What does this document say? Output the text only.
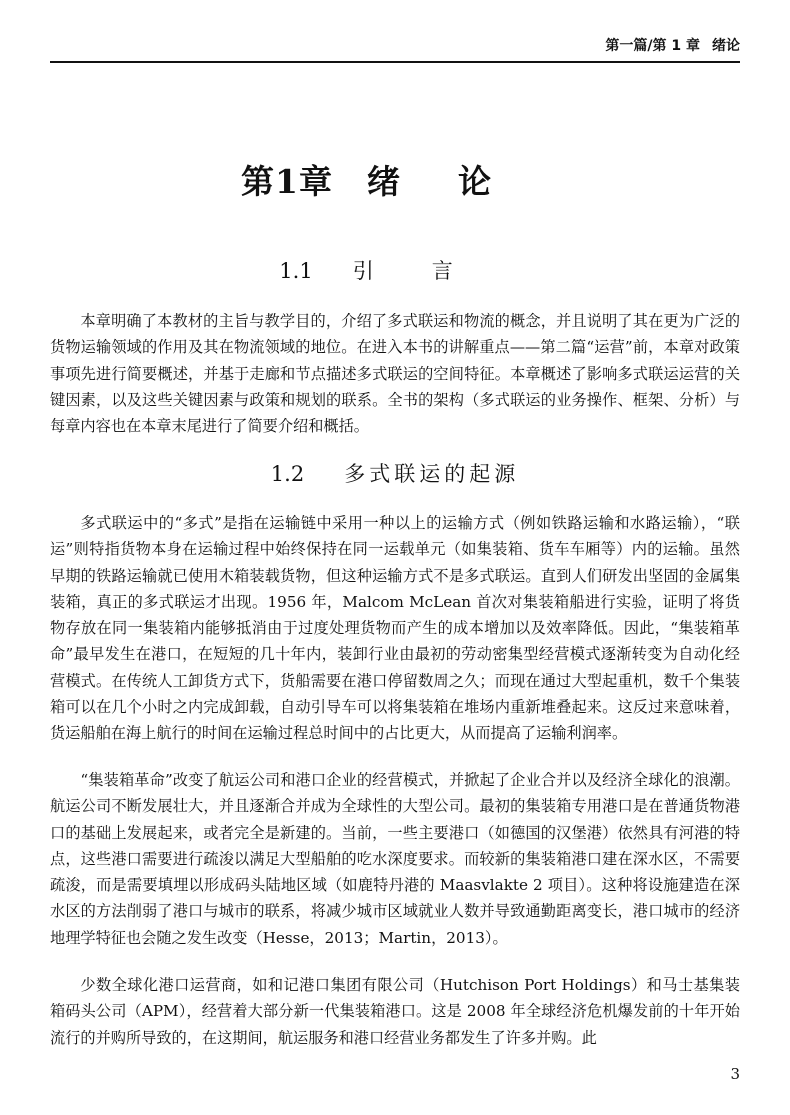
第一篇/第 1 章 绪论
第1章 绪论
1.1 引言

本章明确了本教材的主旨与教学目的，介绍了多式联运和物流的概念，并且说明了其在更为广泛的货物运输领域的作用及其在物流领域的地位。在进入本书的讲解重点——第二篇“运营”前，本章对政策事项先进行简要概述，并基于走廊和节点描述多式联运的空间特征。本章概述了影响多式联运运营的关键因素，以及这些关键因素与政策和规划的联系。全书的架构（多式联运的业务操作、框架、分析）与每章内容也在本章末尾进行了简要介绍和概括。

1.2 多式联运的起源

多式联运中的“多式”是指在运输链中采用一种以上的运输方式（例如铁路运输和水路运输），“联运”则特指货物本身在运输过程中始终保持在同一运载单元（如集装箱、货车车厢等）内的运输。虽然早期的铁路运输就已使用木箱装载货物，但这种运输方式不是多式联运。直到人们研发出坚固的金属集装箱，真正的多式联运才出现。1956 年，Malcom McLean 首次对集装箱船进行实验，证明了将货物存放在同一集装箱内能够抵消由于过度处理货物而产生的成本增加以及效率降低。因此，“集装箱革命”最早发生在港口，在短短的几十年内，装卸行业由最初的劳动密集型经营模式逐渐转变为自动化经营模式。在传统人工卸货方式下，货船需要在港口停留数周之久；而现在通过大型起重机，数千个集装箱可以在几个小时之内完成卸载，自动引导车可以将集装箱在堆场内重新堆叠起来。这反过来意味着，货运船舶在海上航行的时间在运输过程总时间中的占比更大，从而提高了运输利润率。

“集装箱革命”改变了航运公司和港口企业的经营模式，并掀起了企业合并以及经济全球化的浪潮。航运公司不断发展壮大，并且逐渐合并成为全球性的大型公司。最初的集装箱专用港口是在普通货物港口的基础上发展起来，或者完全是新建的。当前，一些主要港口（如德国的汉堡港）依然具有河港的特点，这些港口需要进行疏浚以满足大型船舶的吃水深度要求。而较新的集装箱港口建在深水区，不需要疏浚，而是需要填埋以形成码头陆地区域（如鹿特丹港的 Maasvlakte 2 项目）。这种将设施建造在深水区的方法削弱了港口与城市的联系，将减少城市区域就业人数并导致通勤距离变长，港口城市的经济地理学特征也会随之发生改变（Hesse，2013；Martin，2013）。

少数全球化港口运营商，如和记港口集团有限公司（Hutchison Port Holdings）和马士基集装箱码头公司（APM），经营着大部分新一代集装箱港口。这是 2008 年全球经济危机爆发前的十年开始流行的并购所导致的，在这期间，航运服务和港口经营业务都发生了许多并购。此

3
